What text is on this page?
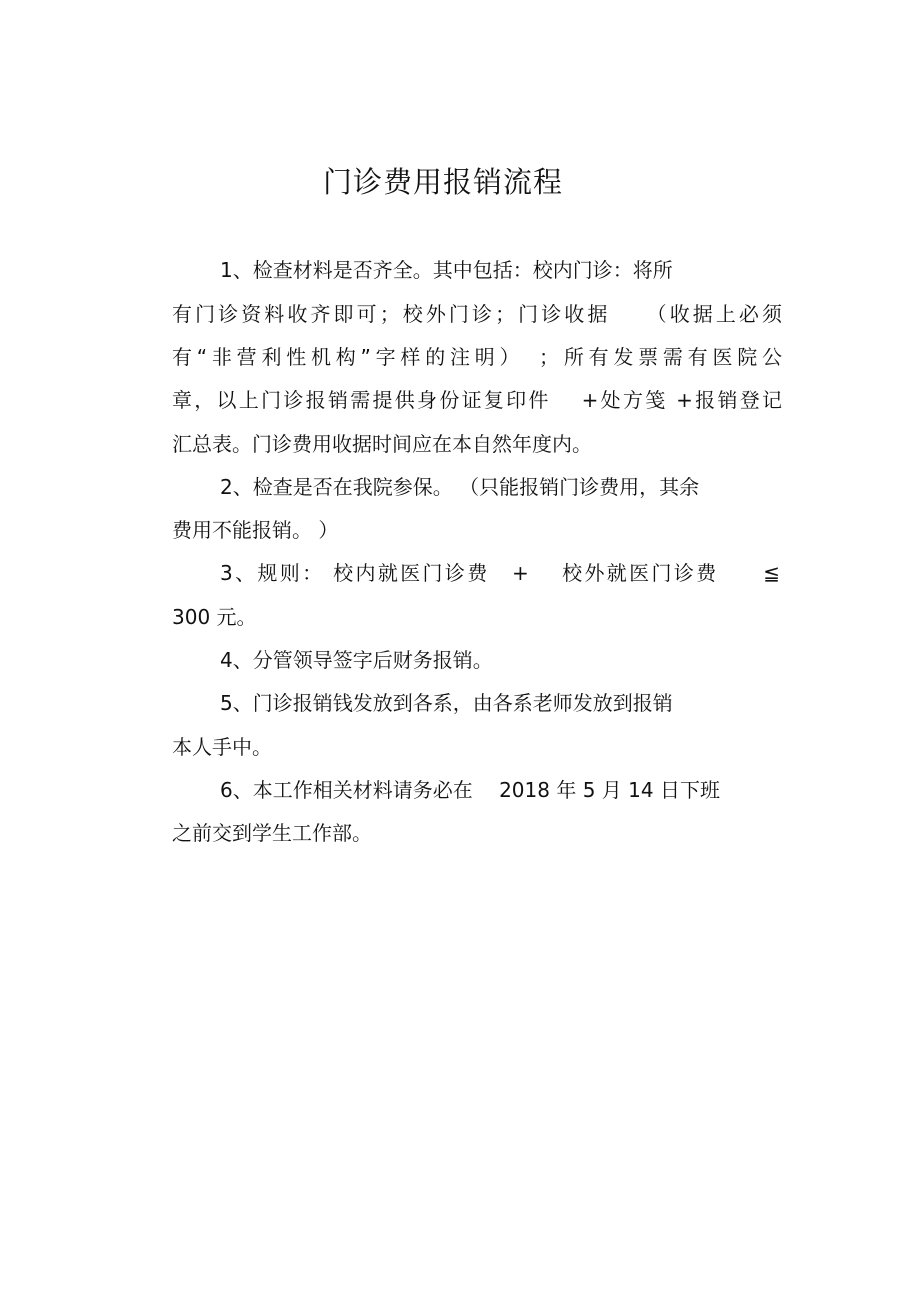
门诊费用报销流程
1、检查材料是否齐全。其中包括：校内门诊：将所
有门诊资料收齐即可；校外门诊；门诊收据　　（收据上必须
有“非营利性机构”字样的注明）　；所有发票需有医院公
章，以上门诊报销需提供身份证复印件　 +处方笺 +报销登记
汇总表。门诊费用收据时间应在本自然年度内。
2、检查是否在我院参保。 （只能报销门诊费用，其余
费用不能报销。 ）
3、规则： 校内就医门诊费　+　 校外就医门诊费　　≦
300 元。
4、分管领导签字后财务报销。
5、门诊报销钱发放到各系，由各系老师发放到报销
本人手中。
6、本工作相关材料请务必在　 2018 年 5 月 14 日下班
之前交到学生工作部。
